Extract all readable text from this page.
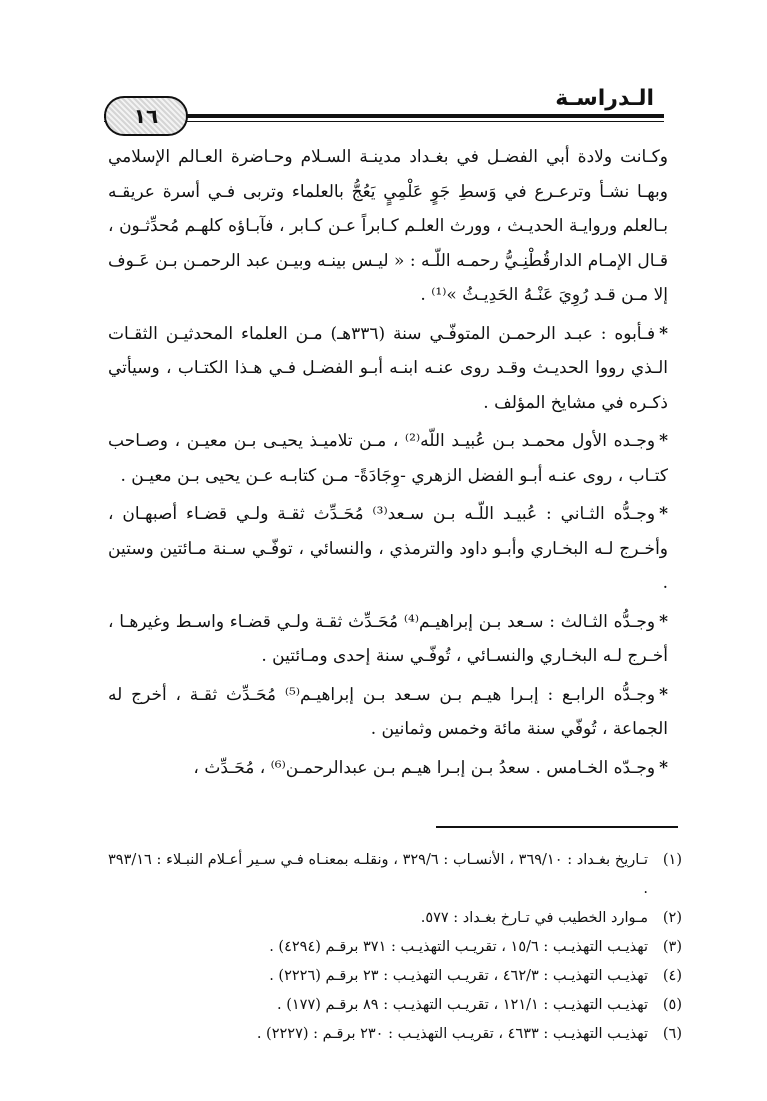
الـدراسـة
١٦

وكـانت ولادة أبي الفضـل في بغـداد مدينـة السـلام وحـاضرة العـالم الإسلامي وبهـا نشـأ وترعـرع في وَسطِ جَوٍ عَلْمِيٍ يَعُجُّ بالعلماء وتربى فـي أسرة عريقـه بـالعلم وروايـة الحديـث ، وورث العلـم كـابراً عـن كـابر ، فآبـاؤه كلهـم مُحدِّثـون ، قـال الإمـام الدارقُطْنِـيُّ رحمـه اللّـه : « ليـس بينـه وبيـن عبد الرحمـن بـن عَـوف إلا مـن قـد رُوِيَ عَنْـهُ الحَدِيـثُ »⁽¹⁾ .

*فـأبوه : عبـد الرحمـن المتوفّـي سنة (٣٣٦هـ) مـن العلماء المحدثيـن الثقـات الـذي رووا الحديـث وقـد روى عنـه ابنـه أبـو الفضـل فـي هـذا الكتـاب ، وسيأتي ذكـره في مشايخ المؤلف .

*وجـده الأول محمـد بـن عُبيـد اللّه⁽²⁾ ، مـن تلاميـذ يحيـى بـن معيـن ، وصـاحب كتـاب ، روى عنـه أبـو الفضل الزهري -وِجَادَةً- مـن كتابـه عـن يحيى بـن معيـن .

*وجـدُّه الثـاني : عُبيـد اللّـه بـن سـعد⁽³⁾ مُحَـدِّث ثقـة ولـي قضـاء أصبهـان ، وأخـرج لـه البخـاري وأبـو داود والترمذي ، والنسائي ، توفّـي سـنة مـائتين وستين .

*وجـدُّه الثـالث : سـعد بـن إبراهيـم⁽⁴⁾ مُحَـدِّث ثقـة ولـي قضـاء واسـط وغيرهـا ، أخـرج لـه البخـاري والنسـائي ، تُوفّـي سنة إحدى ومـائتين .

*وجـدُّه الرابـع : إبـرا هيـم بـن سـعد بـن إبراهيـم⁽⁵⁾ مُحَـدِّث ثقـة ، أخرج له الجماعة ، تُوفّي سنة مائة وخمس وثمانين .

*وجـدّه الخـامس . سعدُ بـن إبـرا هيـم بـن عبدالرحمـن⁽⁶⁾ ، مُحَـدِّث ،

(١)
تـاريخ بغـداد : ٣٦٩/١٠ ، الأنسـاب : ٣٢٩/٦ ، ونقلـه بمعنـاه فـي سـير أعـلام النبـلاء : ٣٩٣/١٦ .
(٢)
مـوارد الخطيب في تـارخ بغـداد : ٥٧٧.
(٣)
تهذيـب التهذيـب : ١٥/٦ ، تقريـب التهذيـب : ٣٧١ برقـم (٤٢٩٤) .
(٤)
تهذيـب التهذيـب : ٤٦٢/٣ ، تقريـب التهذيـب : ٢٣ برقـم (٢٢٢٦) .
(٥)
تهذيـب التهذيـب : ١٢١/١ ، تقريـب التهذيـب : ٨٩ برقـم (١٧٧) .
(٦)
تهذيـب التهذيـب : ٤٦٣٣ ، تقريـب التهذيـب : ٢٣٠ برقـم : (٢٢٢٧) .
